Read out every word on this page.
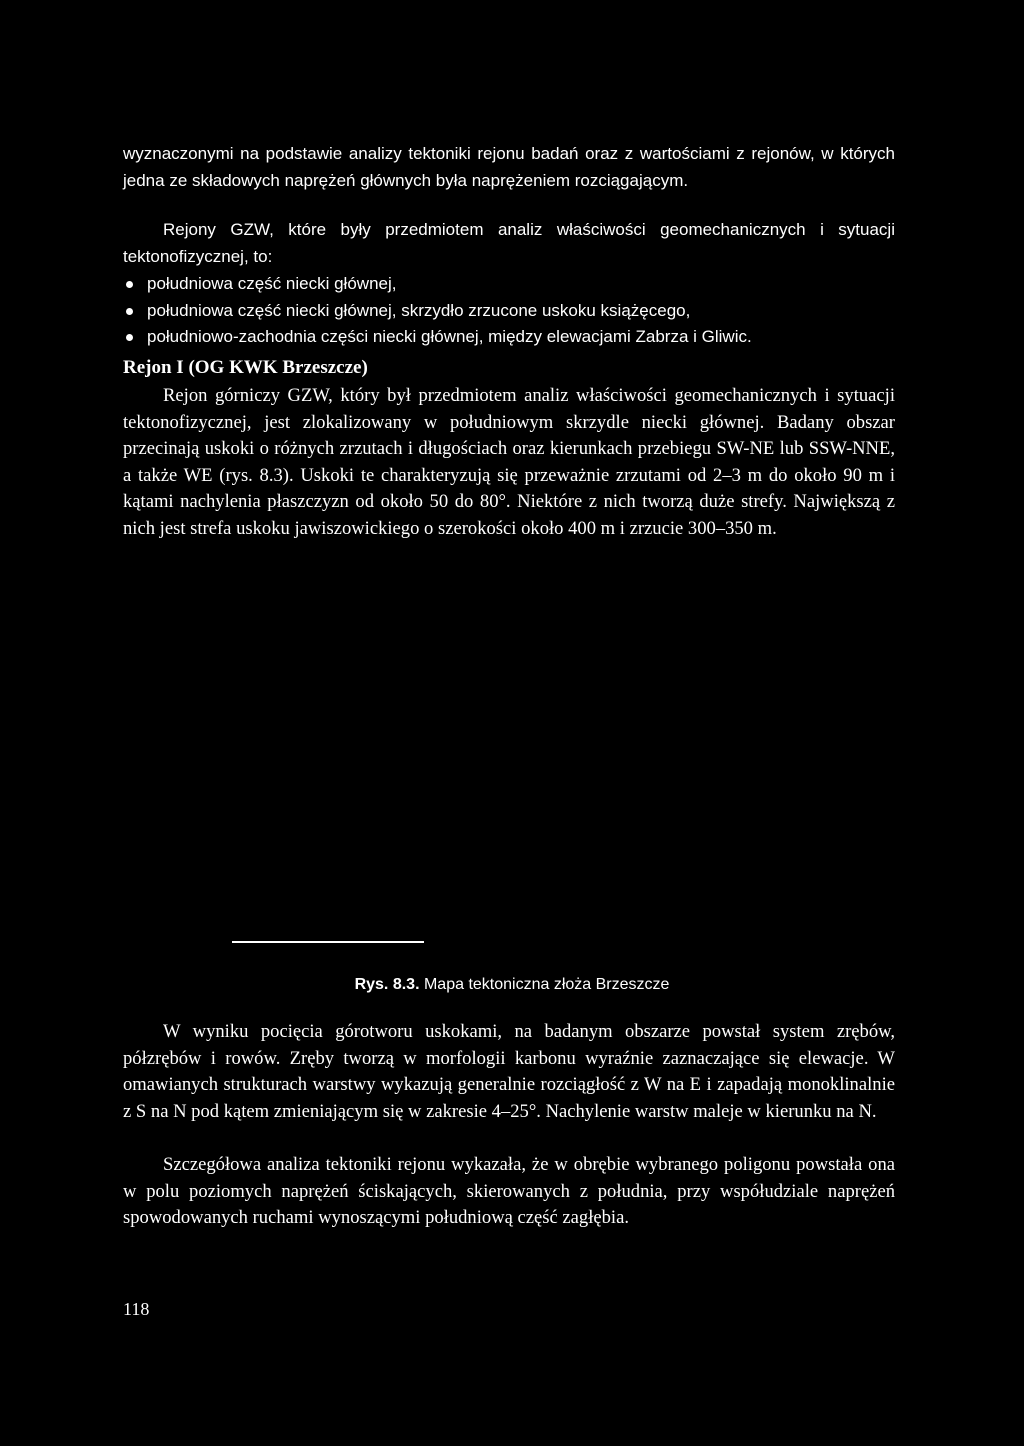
wyznaczonymi na podstawie analizy tektoniki rejonu badań oraz z wartościami z rejonów, w których jedna ze składowych naprężeń głównych była naprężeniem rozciągającym.

Rejony GZW, które były przedmiotem analiz właściwości geomechanicznych i sytuacji tektonofizycznej, to:

południowa część niecki głównej,
południowa część niecki głównej, skrzydło zrzucone uskoku książęcego,
południowo-zachodnia części niecki głównej, między elewacjami Zabrza i Gliwic.
Rejon I (OG KWK Brzeszcze)

Rejon górniczy GZW, który był przedmiotem analiz właściwości geomechanicznych i sytuacji tektonofizycznej, jest zlokalizowany w południowym skrzydle niecki głównej. Badany obszar przecinają uskoki o różnych zrzutach i długościach oraz kierunkach przebiegu SW-NE lub SSW-NNE, a także WE (rys. 8.3). Uskoki te charakteryzują się przeważnie zrzutami od 2–3 m do około 90 m i kątami nachylenia płaszczyzn od około 50 do 80°. Niektóre z nich tworzą duże strefy. Największą z nich jest strefa uskoku jawiszowickiego o szerokości około 400 m i zrzucie 300–350 m.

Rys. 8.3. Mapa tektoniczna złoża Brzeszcze

W wyniku pocięcia górotworu uskokami, na badanym obszarze powstał system zrębów, półzrębów i rowów. Zręby tworzą w morfologii karbonu wyraźnie zaznaczające się elewacje. W omawianych strukturach warstwy wykazują generalnie rozciągłość z W na E i zapadają monoklinalnie z S na N pod kątem zmieniającym się w zakresie 4–25°. Nachylenie warstw maleje w kierunku na N.

Szczegółowa analiza tektoniki rejonu wykazała, że w obrębie wybranego poligonu powstała ona w polu poziomych naprężeń ściskających, skierowanych z południa, przy współudziale naprężeń spowodowanych ruchami wynoszącymi południową część zagłębia.

118
